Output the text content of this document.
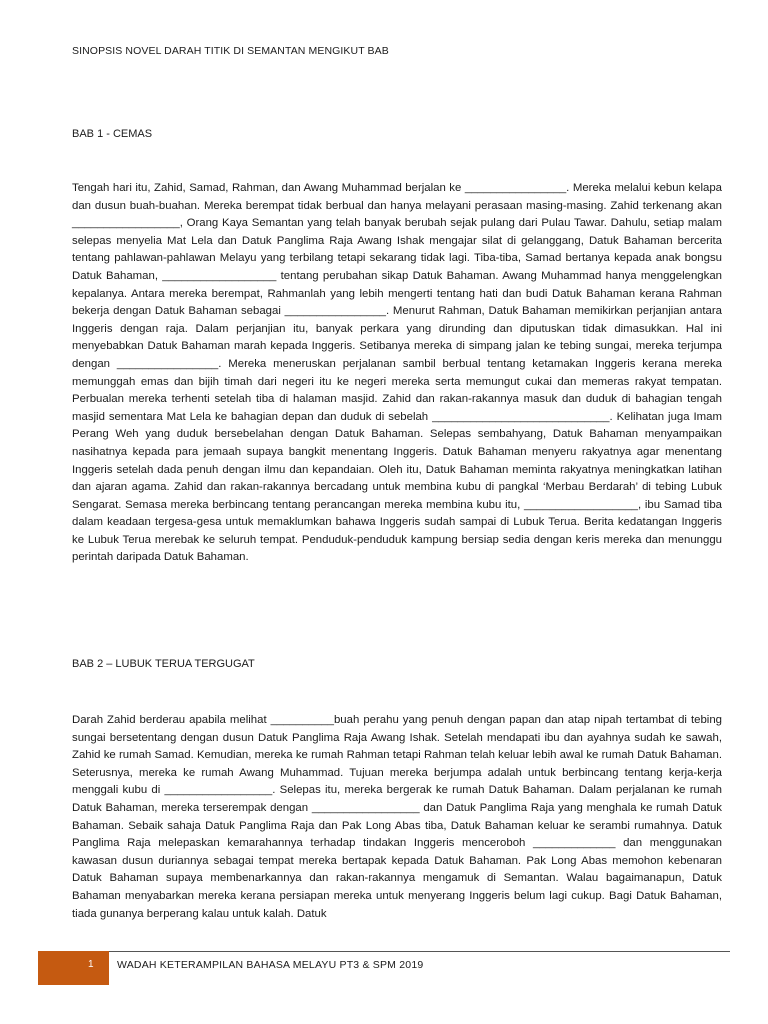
SINOPSIS NOVEL DARAH TITIK DI SEMANTAN MENGIKUT BAB
BAB 1 - CEMAS

Tengah hari itu, Zahid, Samad, Rahman, dan Awang Muhammad berjalan ke ________________. Mereka melalui kebun kelapa dan dusun buah-buahan. Mereka berempat tidak berbual dan hanya melayani perasaan masing-masing. Zahid terkenang akan _________________, Orang Kaya Semantan yang telah banyak berubah sejak pulang dari Pulau Tawar. Dahulu, setiap malam selepas menyelia Mat Lela dan Datuk Panglima Raja Awang Ishak mengajar silat di gelanggang, Datuk Bahaman bercerita tentang pahlawan-pahlawan Melayu yang terbilang tetapi sekarang tidak lagi. Tiba-tiba, Samad bertanya kepada anak bongsu Datuk Bahaman, __________________ tentang perubahan sikap Datuk Bahaman. Awang Muhammad hanya menggelengkan kepalanya. Antara mereka berempat, Rahmanlah yang lebih mengerti tentang hati dan budi Datuk Bahaman kerana Rahman bekerja dengan Datuk Bahaman sebagai ________________. Menurut Rahman, Datuk Bahaman memikirkan perjanjian antara Inggeris dengan raja. Dalam perjanjian itu, banyak perkara yang dirunding dan diputuskan tidak dimasukkan. Hal ini menyebabkan Datuk Bahaman marah kepada Inggeris. Setibanya mereka di simpang jalan ke tebing sungai, mereka terjumpa dengan ________________. Mereka meneruskan perjalanan sambil berbual tentang ketamakan Inggeris kerana mereka memunggah emas dan bijih timah dari negeri itu ke negeri mereka serta memungut cukai dan memeras rakyat tempatan. Perbualan mereka terhenti setelah tiba di halaman masjid. Zahid dan rakan-rakannya masuk dan duduk di bahagian tengah masjid sementara Mat Lela ke bahagian depan dan duduk di sebelah ____________________________. Kelihatan juga Imam Perang Weh yang duduk bersebelahan dengan Datuk Bahaman. Selepas sembahyang, Datuk Bahaman menyampaikan nasihatnya kepada para jemaah supaya bangkit menentang Inggeris. Datuk Bahaman menyeru rakyatnya agar menentang Inggeris setelah dada penuh dengan ilmu dan kepandaian. Oleh itu, Datuk Bahaman meminta rakyatnya meningkatkan latihan dan ajaran agama. Zahid dan rakan-rakannya bercadang untuk membina kubu di pangkal ‘Merbau Berdarah’ di tebing Lubuk Sengarat. Semasa mereka berbincang tentang perancangan mereka membina kubu itu, __________________, ibu Samad tiba dalam keadaan tergesa-gesa untuk memaklumkan bahawa Inggeris sudah sampai di Lubuk Terua. Berita kedatangan Inggeris ke Lubuk Terua merebak ke seluruh tempat. Penduduk-penduduk kampung bersiap sedia dengan keris mereka dan menunggu perintah daripada Datuk Bahaman.

BAB 2 – LUBUK TERUA TERGUGAT

Darah Zahid berderau apabila melihat __________buah perahu yang penuh dengan papan dan atap nipah tertambat di tebing sungai bersetentang dengan dusun Datuk Panglima Raja Awang Ishak. Setelah mendapati ibu dan ayahnya sudah ke sawah, Zahid ke rumah Samad. Kemudian, mereka ke rumah Rahman tetapi Rahman telah keluar lebih awal ke rumah Datuk Bahaman. Seterusnya, mereka ke rumah Awang Muhammad. Tujuan mereka berjumpa adalah untuk berbincang tentang kerja-kerja menggali kubu di _________________. Selepas itu, mereka bergerak ke rumah Datuk Bahaman. Dalam perjalanan ke rumah Datuk Bahaman, mereka terserempak dengan _________________ dan Datuk Panglima Raja yang menghala ke rumah Datuk Bahaman. Sebaik sahaja Datuk Panglima Raja dan Pak Long Abas tiba, Datuk Bahaman keluar ke serambi rumahnya. Datuk Panglima Raja melepaskan kemarahannya terhadap tindakan Inggeris menceroboh _____________ dan menggunakan kawasan dusun duriannya sebagai tempat mereka bertapak kepada Datuk Bahaman. Pak Long Abas memohon kebenaran Datuk Bahaman supaya membenarkannya dan rakan-rakannya mengamuk di Semantan. Walau bagaimanapun, Datuk Bahaman menyabarkan mereka kerana persiapan mereka untuk menyerang Inggeris belum lagi cukup. Bagi Datuk Bahaman, tiada gunanya berperang kalau untuk kalah. Datuk

1 WADAH KETERAMPILAN BAHASA MELAYU PT3 & SPM 2019
